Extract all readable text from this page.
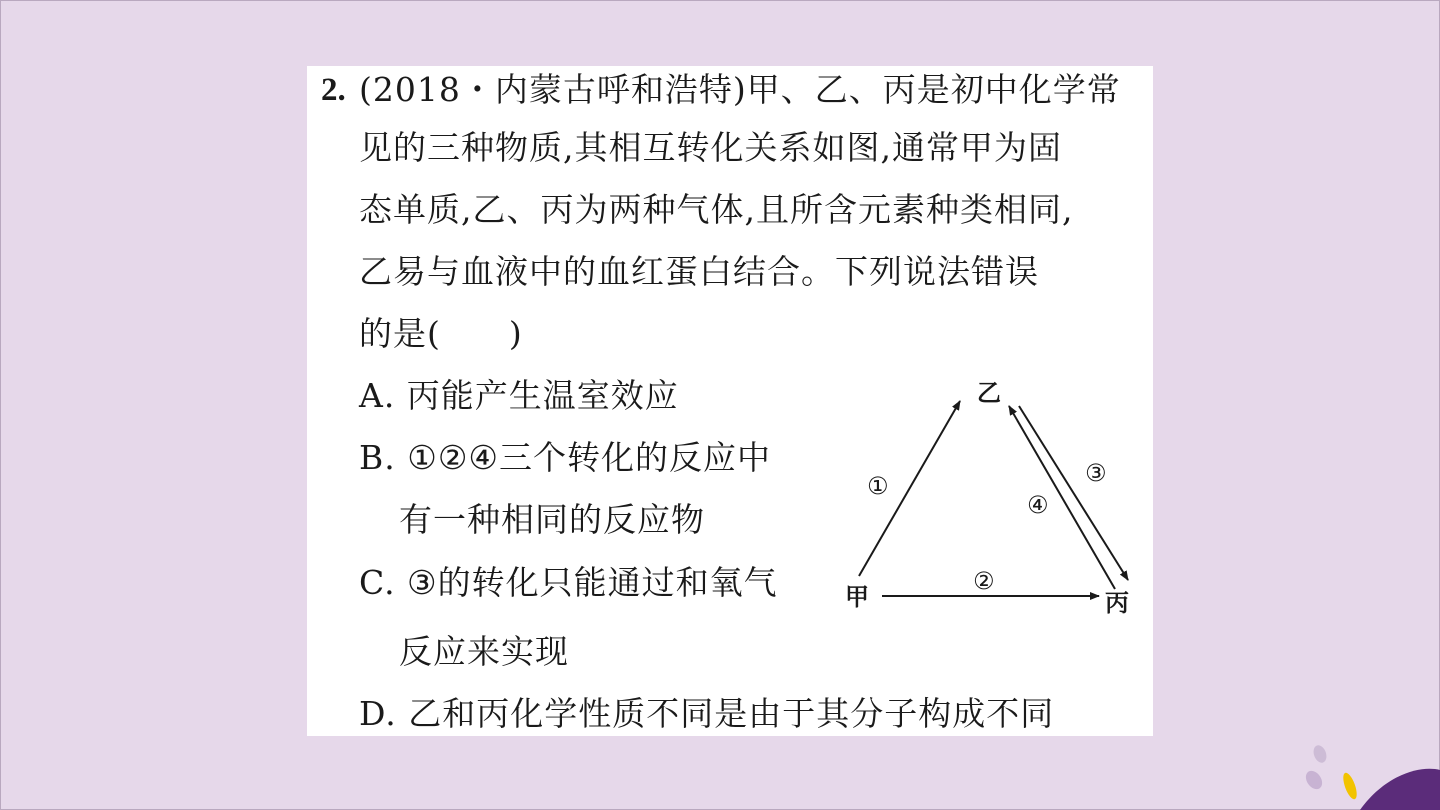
2. (2018・内蒙古呼和浩特)甲、乙、丙是初中化学常
见的三种物质,其相互转化关系如图,通常甲为固
态单质,乙、丙为两种气体,且所含元素种类相同,
乙易与血液中的血红蛋白结合。下列说法错误
的是(　　)
A. 丙能产生温室效应
B. ①②④三个转化的反应中
有一种相同的反应物
C. ③的转化只能通过和氧气
反应来实现
D. 乙和丙化学性质不同是由于其分子构成不同
甲
乙
丙
①
②
③
④
